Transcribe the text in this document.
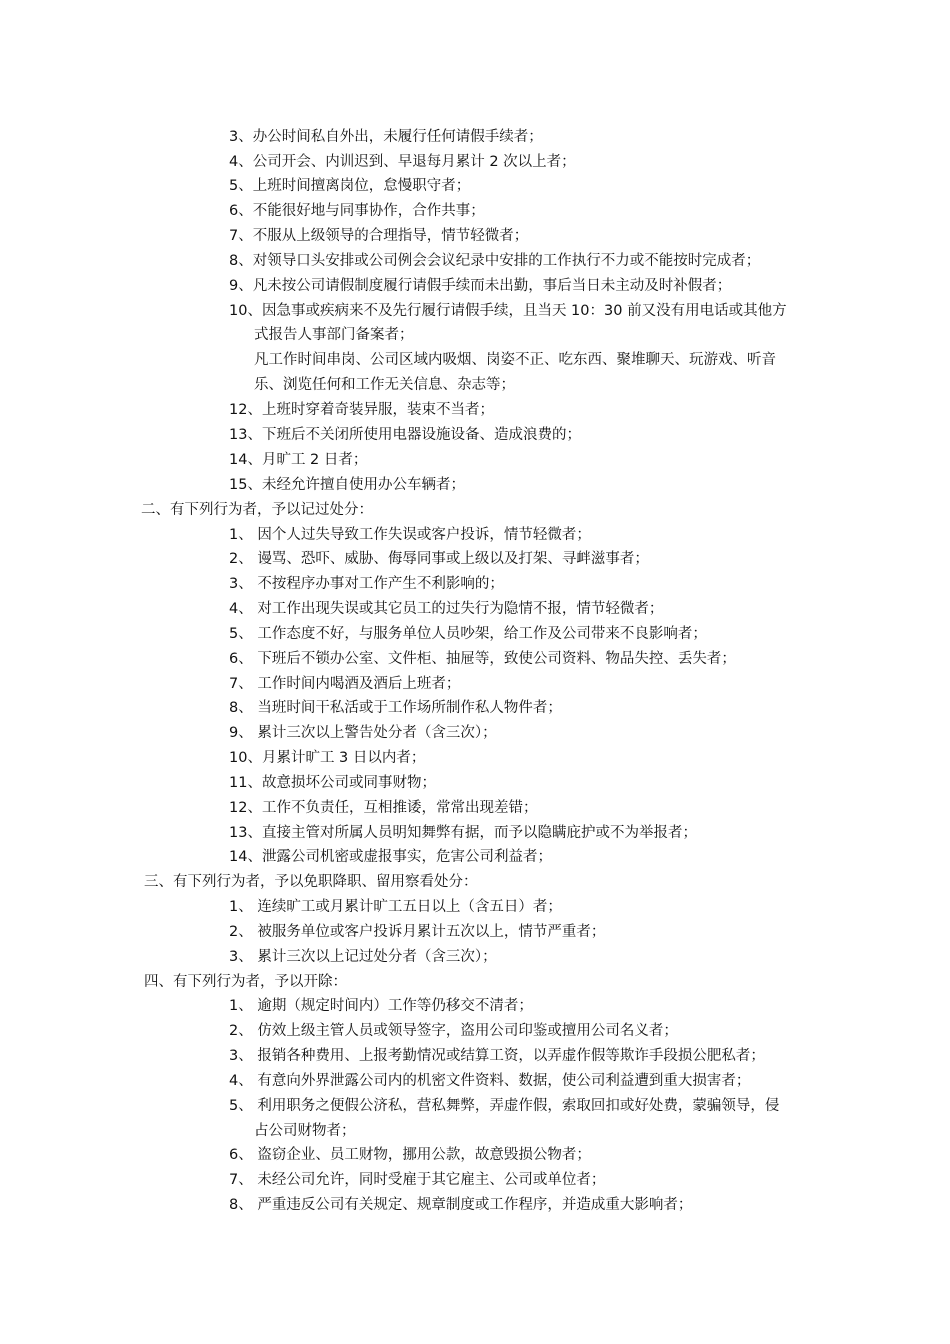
3、办公时间私自外出，未履行任何请假手续者；
4、公司开会、内训迟到、早退每月累计 2 次以上者；
5、上班时间擅离岗位，怠慢职守者；
6、不能很好地与同事协作，合作共事；
7、不服从上级领导的合理指导，情节轻微者；
8、对领导口头安排或公司例会会议纪录中安排的工作执行不力或不能按时完成者；
9、凡未按公司请假制度履行请假手续而未出勤，事后当日未主动及时补假者；
10、因急事或疾病来不及先行履行请假手续，且当天 10：30 前又没有用电话或其他方
式报告人事部门备案者；
凡工作时间串岗、公司区域内吸烟、岗姿不正、吃东西、聚堆聊天、玩游戏、听音
乐、浏览任何和工作无关信息、杂志等；
12、上班时穿着奇装异服，装束不当者；
13、下班后不关闭所使用电器设施设备、造成浪费的；
14、月旷工 2 日者；
15、未经允许擅自使用办公车辆者；
二、有下列行为者，予以记过处分：
1、 因个人过失导致工作失误或客户投诉，情节轻微者；
2、 谩骂、恐吓、威胁、侮辱同事或上级以及打架、寻衅滋事者；
3、 不按程序办事对工作产生不利影响的；
4、 对工作出现失误或其它员工的过失行为隐情不报，情节轻微者；
5、 工作态度不好，与服务单位人员吵架，给工作及公司带来不良影响者；
6、 下班后不锁办公室、文件柜、抽屉等，致使公司资料、物品失控、丢失者；
7、 工作时间内喝酒及酒后上班者；
8、 当班时间干私活或于工作场所制作私人物件者；
9、 累计三次以上警告处分者（含三次）；
10、月累计旷工 3 日以内者；
11、故意损坏公司或同事财物；
12、工作不负责任，互相推诿，常常出现差错；
13、直接主管对所属人员明知舞弊有据，而予以隐瞒庇护或不为举报者；
14、泄露公司机密或虚报事实，危害公司利益者；
三、有下列行为者，予以免职降职、留用察看处分：
1、 连续旷工或月累计旷工五日以上（含五日）者；
2、 被服务单位或客户投诉月累计五次以上，情节严重者；
3、 累计三次以上记过处分者（含三次）；
四、有下列行为者，予以开除：
1、 逾期（规定时间内）工作等仍移交不清者；
2、 仿效上级主管人员或领导签字，盗用公司印鉴或擅用公司名义者；
3、 报销各种费用、上报考勤情况或结算工资，以弄虚作假等欺诈手段损公肥私者；
4、 有意向外界泄露公司内的机密文件资料、数据，使公司利益遭到重大损害者；
5、 利用职务之便假公济私，营私舞弊，弄虚作假，索取回扣或好处费，蒙骗领导，侵
占公司财物者；
6、 盗窃企业、员工财物，挪用公款，故意毁损公物者；
7、 未经公司允许，同时受雇于其它雇主、公司或单位者；
8、 严重违反公司有关规定、规章制度或工作程序，并造成重大影响者；
